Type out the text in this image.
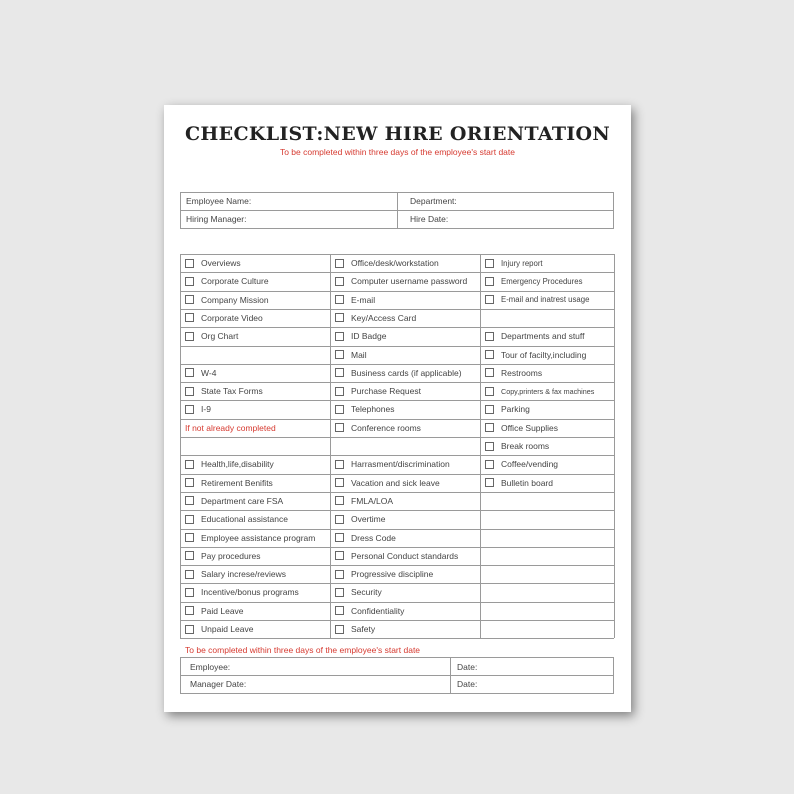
CHECKLIST:NEW HIRE ORIENTATION
To be completed within three days of the employee's start date
Employee Name:	Department:
Hiring Manager:	Hire Date:
To be completed within three days of the employee's start date
Employee:
Manager Date:
Date:
Date:
Overviews
Corporate Culture
Company Mission
Corporate Video
Org Chart
W-4
State Tax Forms
I-9
If not already completed
Health,life,disability
Retirement Benifits
Department care FSA
Educational assistance
Employee assistance program
Pay procedures
Salary increse/reviews
Incentive/bonus programs
Paid Leave
Unpaid Leave
Office/desk/workstation
Computer username password
E-mail
Key/Access Card
ID Badge
Mail
Business cards (if applicable)
Purchase Request
Telephones
Conference rooms
Harrasment/discrimination
Vacation and sick leave
FMLA/LOA
Overtime
Dress Code
Personal Conduct standards
Progressive discipline
Security
Confidentiality
Safety
Injury report
Emergency Procedures
E-mail and inatrest usage
Departments and stuff
Tour of facilty,including
Restrooms
Copy,printers & fax machines
Parking
Office Supplies
Break rooms
Coffee/vending
Bulletin board
